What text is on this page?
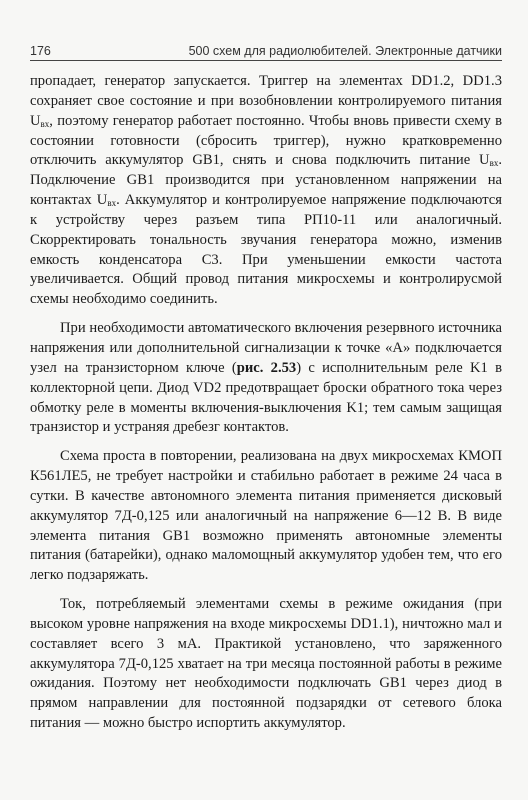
176	500 схем для радиолюбителей. Электронные датчики

пропадает, генератор запускается. Триггер на элементах DD1.2, DD1.3 сохраняет свое состояние и при возобновлении контролируемого питания $U_{вх}$, поэтому генератор работает постоянно. Чтобы вновь привести схему в состоянии готовности (сбросить триггер), нужно кратковременно отключить аккумулятор GB1, снять и снова подключить питание $U_{вх}$. Подключение GB1 производится при установленном напряжении на контактах $U_{вх}$. Аккумулятор и контролируемое напряжение подключаются к устройству через разъем типа РП10-11 или аналогичный. Скорректировать тональность звучания генератора можно, изменив емкость конденсатора C3. При уменьшении емкости частота увеличивается. Общий провод питания микросхемы и контролирусмой схемы необходимо соединить.

При необходимости автоматического включения резервного источника напряжения или дополнительной сигнализации к точке «А» подключается узел на транзисторном ключе (рис. 2.53) с исполнительным реле K1 в коллекторной цепи. Диод VD2 предотвращает броски обратного тока через обмотку реле в моменты включения-выключения K1; тем самым защищая транзистор и устраняя дребезг контактов.

Схема проста в повторении, реализована на двух микросхемах КМОП К561ЛЕ5, не требует настройки и стабильно работает в режиме 24 часа в сутки. В качестве автономного элемента питания применяется дисковый аккумулятор 7Д-0,125 или аналогичный на напряжение 6—12 В. В виде элемента питания GB1 возможно применять автономные элементы питания (батарейки), однако маломощный аккумулятор удобен тем, что его легко подзаряжать.

Ток, потребляемый элементами схемы в режиме ожидания (при высоком уровне напряжения на входе микросхемы DD1.1), ничтожно мал и составляет всего 3 мА. Практикой установлено, что заряженного аккумулятора 7Д-0,125 хватает на три месяца постоянной работы в режиме ожидания. Поэтому нет необходимости подключать GB1 через диод в прямом направлении для постоянной подзарядки от сетевого блока питания — можно быстро испортить аккумулятор.
